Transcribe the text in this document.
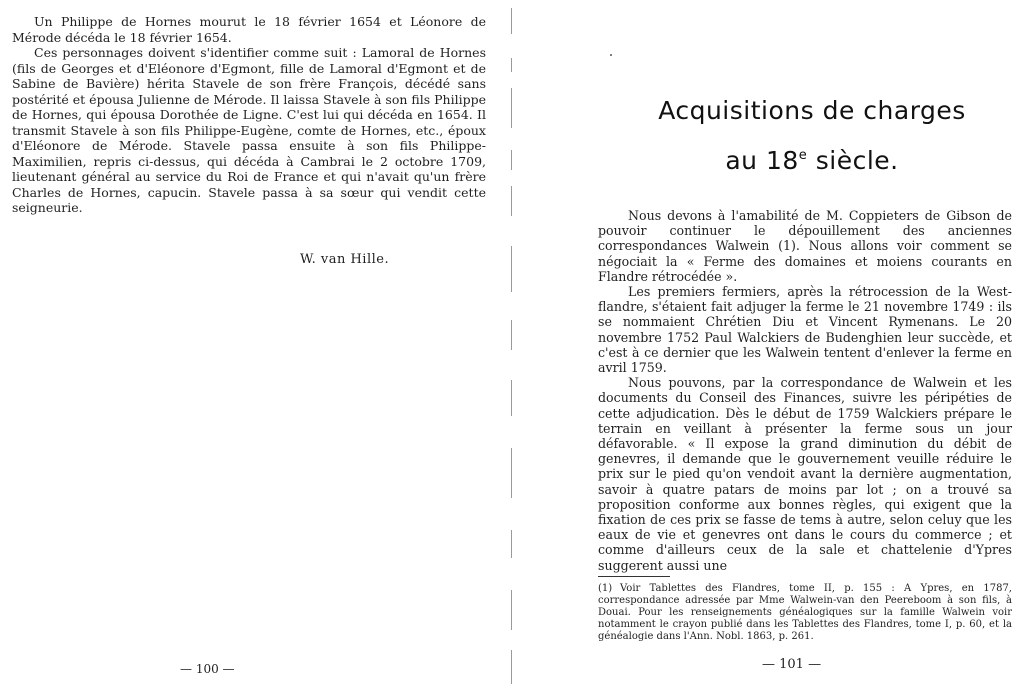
Un Philippe de Hornes mourut le 18 février 1654 et Léonore de Mérode décéda le 18 février 1654.

Ces personnages doivent s'identifier comme suit : Lamoral de Hornes (fils de Georges et d'Eléonore d'Egmont, fille de Lamoral d'Egmont et de Sabine de Bavière) hérita Stavele de son frère François, décédé sans postérité et épousa Julienne de Mérode. Il laissa Stavele à son fils Philippe de Hornes, qui épousa Dorothée de Ligne. C'est lui qui décéda en 1654. Il transmit Stavele à son fils Philippe-Eugène, comte de Hornes, etc., époux d'Eléonore de Mérode. Stavele passa ensuite à son fils Philippe-Maximilien, repris ci-dessus, qui décéda à Cambrai le 2 octobre 1709, lieutenant général au service du Roi de France et qui n'avait qu'un frère Charles de Hornes, capucin. Stavele passa à sa sœur qui vendit cette seigneurie.

W. van Hille.
— 100 —
Acquisitions de charges
au 18e siècle.

Nous devons à l'amabilité de M. Coppieters de Gibson de pouvoir continuer le dépouillement des anciennes correspondances Walwein (1). Nous allons voir comment se négociait la « Ferme des domaines et moiens courants en Flandre rétrocédée ».

Les premiers fermiers, après la rétrocession de la West-flandre, s'étaient fait adjuger la ferme le 21 novembre 1749 : ils se nommaient Chrétien Diu et Vincent Rymenans. Le 20 novembre 1752 Paul Walckiers de Budenghien leur succède, et c'est à ce dernier que les Walwein tentent d'enlever la ferme en avril 1759.

Nous pouvons, par la correspondance de Walwein et les documents du Conseil des Finances, suivre les péripéties de cette adjudication. Dès le début de 1759 Walckiers prépare le terrain en veillant à présenter la ferme sous un jour défavorable. « Il expose la grand diminution du débit de genevres, il demande que le gouvernement veuille réduire le prix sur le pied qu'on vendoit avant la dernière augmentation, savoir à quatre patars de moins par lot ; on a trouvé sa proposition conforme aux bonnes règles, qui exigent que la fixation de ces prix se fasse de tems à autre, selon celuy que les eaux de vie et genevres ont dans le cours du commerce ; et comme d'ailleurs ceux de la sale et chattelenie d'Ypres suggerent aussi une

(1) Voir Tablettes des Flandres, tome II, p. 155 : A Ypres, en 1787, correspondance adressée par Mme Walwein-van den Peereboom à son fils, à Douai. Pour les renseignements généalogiques sur la famille Walwein voir notamment le crayon publié dans les Tablettes des Flandres, tome I, p. 60, et la généalogie dans l'Ann. Nobl. 1863, p. 261.
— 101 —
